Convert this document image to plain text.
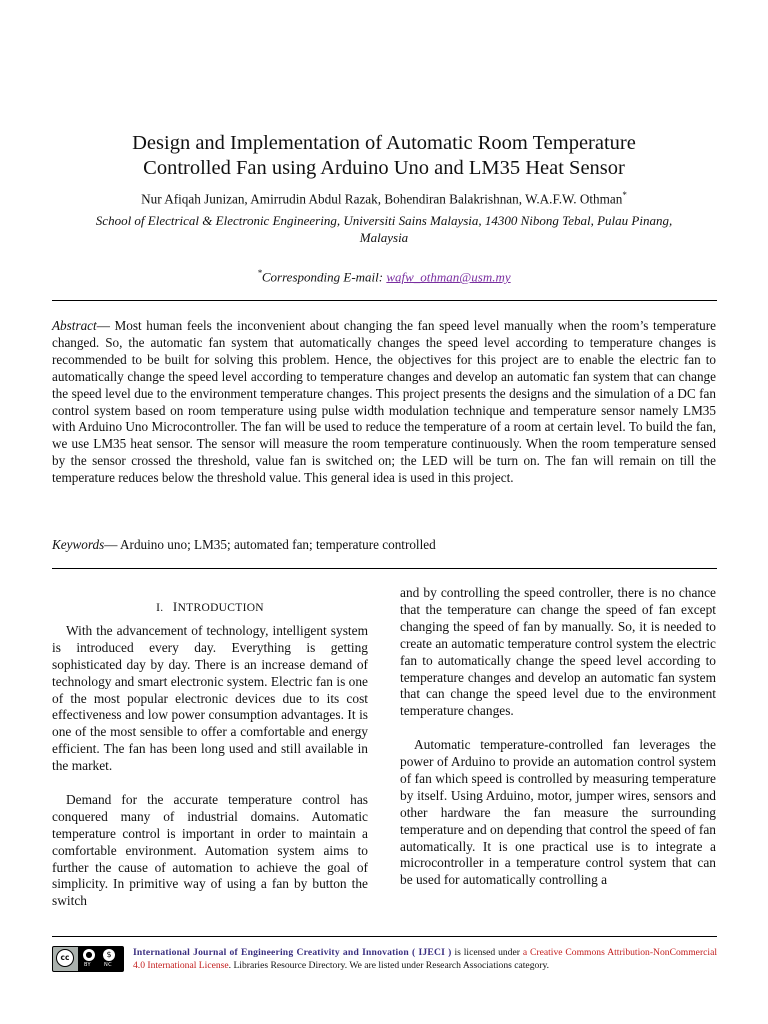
Design and Implementation of Automatic Room Temperature
Controlled Fan using Arduino Uno and LM35 Heat Sensor
Nur Afiqah Junizan, Amirrudin Abdul Razak, Bohendiran Balakrishnan, W.A.F.W. Othman*
School of Electrical & Electronic Engineering, Universiti Sains Malaysia, 14300 Nibong Tebal, Pulau Pinang,
Malaysia
*Corresponding E-mail: wafw_othman@usm.my

Abstract— Most human feels the inconvenient about changing the fan speed level manually when the room’s temperature changed. So, the automatic fan system that automatically changes the speed level according to temperature changes is recommended to be built for solving this problem. Hence, the objectives for this project are to enable the electric fan to automatically change the speed level according to temperature changes and develop an automatic fan system that can change the speed level due to the environment temperature changes. This project presents the designs and the simulation of a DC fan control system based on room temperature using pulse width modulation technique and temperature sensor namely LM35 with Arduino Uno Microcontroller. The fan will be used to reduce the temperature of a room at certain level. To build the fan, we use LM35 heat sensor. The sensor will measure the room temperature continuously. When the room temperature sensed by the sensor crossed the threshold, value fan is switched on; the LED will be turn on. The fan will remain on till the temperature reduces below the threshold value. This general idea is used in this project.

Keywords— Arduino uno; LM35; automated fan; temperature controlled

I. INTRODUCTION

With the advancement of technology, intelligent system is introduced every day. Everything is getting sophisticated day by day. There is an increase demand of technology and smart electronic system. Electric fan is one of the most popular electronic devices due to its cost effectiveness and low power consumption advantages. It is one of the most sensible to offer a comfortable and energy efficient. The fan has been long used and still available in the market.

Demand for the accurate temperature control has conquered many of industrial domains. Automatic temperature control is important in order to maintain a comfortable environment. Automation system aims to further the cause of automation to achieve the goal of simplicity. In primitive way of using a fan by button the switch

and by controlling the speed controller, there is no chance that the temperature can change the speed of fan except changing the speed of fan by manually. So, it is needed to create an automatic temperature control system the electric fan to automatically change the speed level according to temperature changes and develop an automatic fan system that can change the speed level due to the environment temperature changes.

Automatic temperature-controlled fan leverages the power of Arduino to provide an automation control system of fan which speed is controlled by measuring temperature by itself. Using Arduino, motor, jumper wires, sensors and other hardware the fan measure the surrounding temperature and on depending that control the speed of fan automatically. It is one practical use is to integrate a microcontroller in a temperature control system that can be used for automatically controlling a

cc	●	$
BY	NC
International Journal of Engineering Creativity and Innovation ( IJECI ) is licensed under a Creative Commons Attribution-NonCommercial 4.0 International License. Libraries Resource Directory. We are listed under Research Associations category.
